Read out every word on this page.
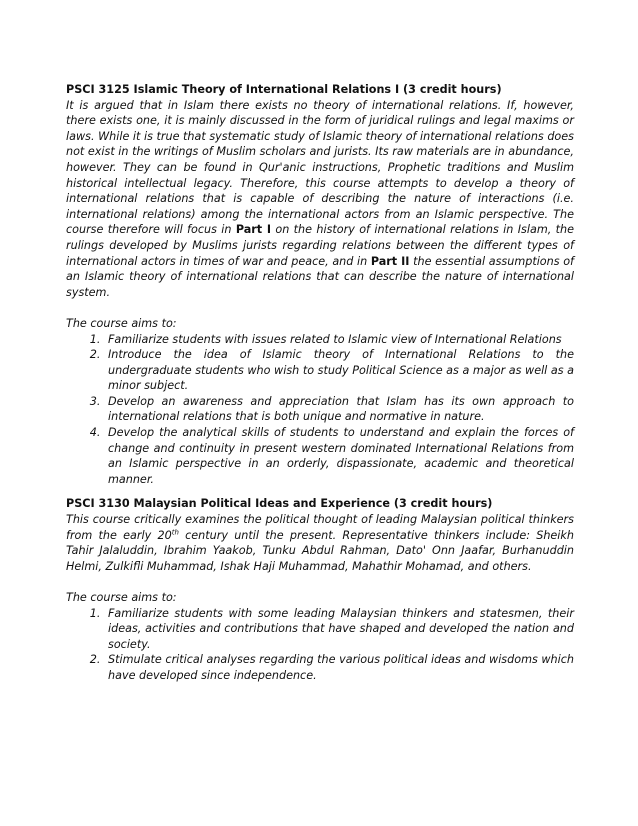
PSCI 3125 Islamic Theory of International Relations I (3 credit hours)

It is argued that in Islam there exists no theory of international relations. If, however, there exists one, it is mainly discussed in the form of juridical rulings and legal maxims or laws. While it is true that systematic study of Islamic theory of international relations does not exist in the writings of Muslim scholars and jurists. Its raw materials are in abundance, however. They can be found in Qur'anic instructions, Prophetic traditions and Muslim historical intellectual legacy. Therefore, this course attempts to develop a theory of international relations that is capable of describing the nature of interactions (i.e. international relations) among the international actors from an Islamic perspective. The course therefore will focus in Part I on the history of international relations in Islam, the rulings developed by Muslims jurists regarding relations between the different types of international actors in times of war and peace, and in Part II the essential assumptions of an Islamic theory of international relations that can describe the nature of international system.

The course aims to:

1. Familiarize students with issues related to Islamic view of International Relations
2. Introduce the idea of Islamic theory of International Relations to the undergraduate students who wish to study Political Science as a major as well as a minor subject.
3. Develop an awareness and appreciation that Islam has its own approach to international relations that is both unique and normative in nature.
4. Develop the analytical skills of students to understand and explain the forces of change and continuity in present western dominated International Relations from an Islamic perspective in an orderly, dispassionate, academic and theoretical manner.

PSCI 3130 Malaysian Political Ideas and Experience (3 credit hours)

This course critically examines the political thought of leading Malaysian political thinkers from the early 20th century until the present. Representative thinkers include: Sheikh Tahir Jalaluddin, Ibrahim Yaakob, Tunku Abdul Rahman, Dato' Onn Jaafar, Burhanuddin Helmi, Zulkifli Muhammad, Ishak Haji Muhammad, Mahathir Mohamad, and others.

The course aims to:

1. Familiarize students with some leading Malaysian thinkers and statesmen, their ideas, activities and contributions that have shaped and developed the nation and society.
2. Stimulate critical analyses regarding the various political ideas and wisdoms which have developed since independence.
